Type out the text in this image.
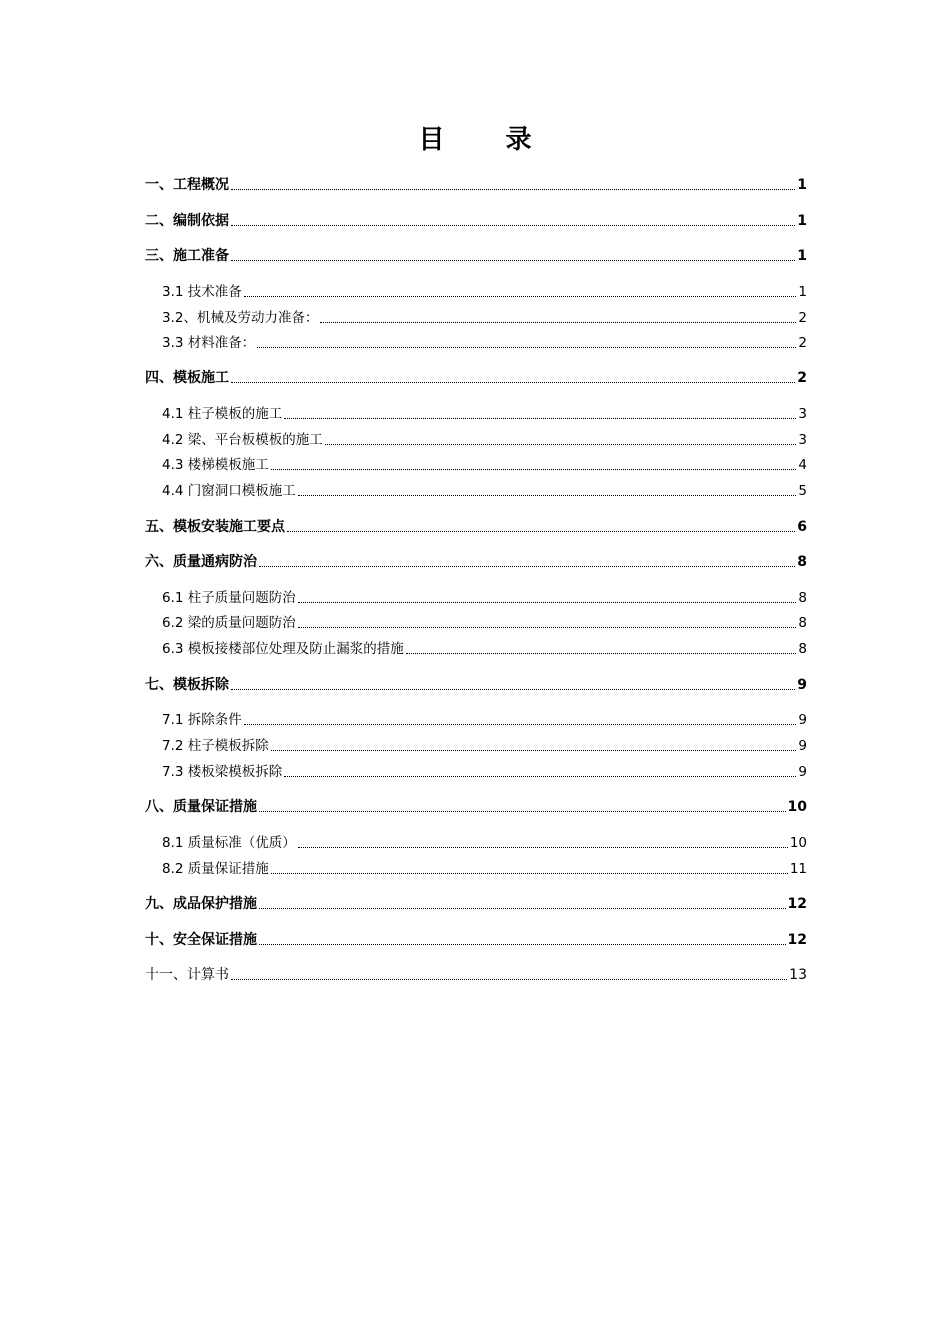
目 录
一、工程概况	1
二、编制依据	1
三、施工准备	1
3.1 技术准备	1
3.2、机械及劳动力准备：	2
3.3 材料准备：	2
四、模板施工	2
4.1 柱子模板的施工	3
4.2 梁、平台板模板的施工	3
4.3 楼梯模板施工	4
4.4 门窗洞口模板施工	5
五、模板安装施工要点	6
六、质量通病防治	8
6.1 柱子质量问题防治	8
6.2 梁的质量问题防治	8
6.3 模板接楼部位处理及防止漏浆的措施	8
七、模板拆除	9
7.1 拆除条件	9
7.2 柱子模板拆除	9
7.3 楼板梁模板拆除	9
八、质量保证措施	10
8.1 质量标准（优质）	10
8.2 质量保证措施	11
九、成品保护措施	12
十、安全保证措施	12
十一、计算书	13
